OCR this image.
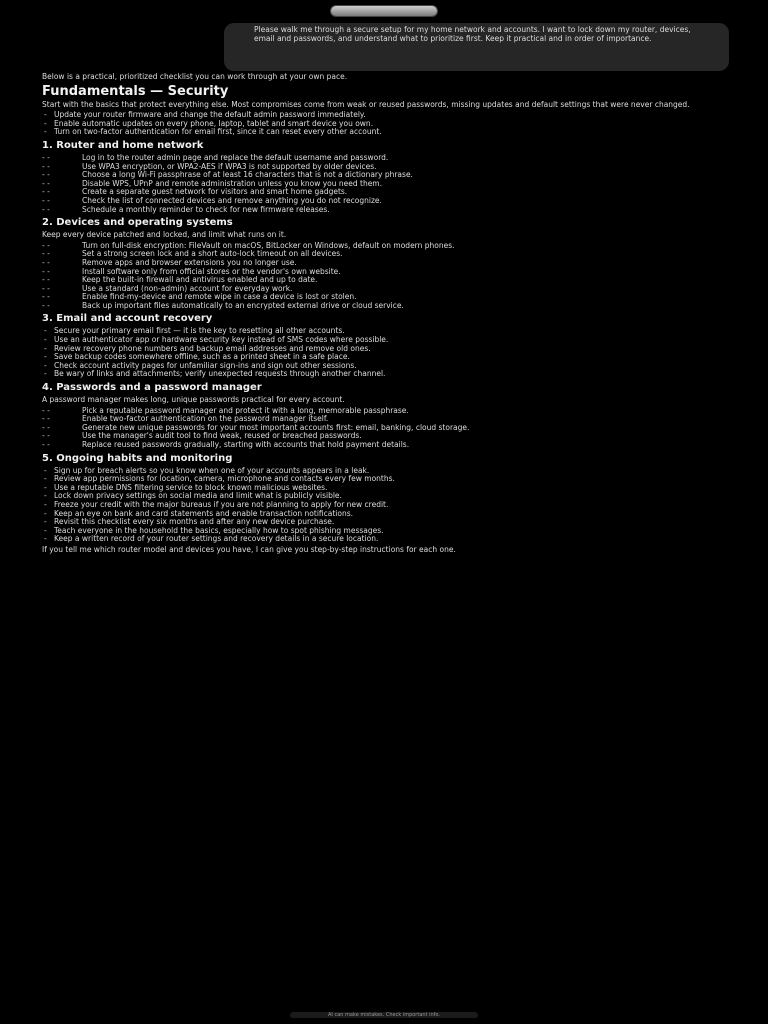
Please walk me through a secure setup for my home network and accounts. I want to lock down my router, devices, email and passwords, and understand what to prioritize first. Keep it practical and in order of importance.

Below is a practical, prioritized checklist you can work through at your own pace.

Fundamentals — Security

Start with the basics that protect everything else. Most compromises come from weak or reused passwords, missing updates and default settings that were never changed.

- Update your router firmware and change the default admin password immediately.
- Enable automatic updates on every phone, laptop, tablet and smart device you own.
- Turn on two-factor authentication for email first, since it can reset every other account.
1. Router and home network
- - Log in to the router admin page and replace the default username and password.
- - Use WPA3 encryption, or WPA2-AES if WPA3 is not supported by older devices.
- - Choose a long Wi-Fi passphrase of at least 16 characters that is not a dictionary phrase.
- - Disable WPS, UPnP and remote administration unless you know you need them.
- - Create a separate guest network for visitors and smart home gadgets.
- - Check the list of connected devices and remove anything you do not recognize.
- - Schedule a monthly reminder to check for new firmware releases.
2. Devices and operating systems

Keep every device patched and locked, and limit what runs on it.

- - Turn on full-disk encryption: FileVault on macOS, BitLocker on Windows, default on modern phones.
- - Set a strong screen lock and a short auto-lock timeout on all devices.
- - Remove apps and browser extensions you no longer use.
- - Install software only from official stores or the vendor's own website.
- - Keep the built-in firewall and antivirus enabled and up to date.
- - Use a standard (non-admin) account for everyday work.
- - Enable find-my-device and remote wipe in case a device is lost or stolen.
- - Back up important files automatically to an encrypted external drive or cloud service.
3. Email and account recovery
- Secure your primary email first — it is the key to resetting all other accounts.
- Use an authenticator app or hardware security key instead of SMS codes where possible.
- Review recovery phone numbers and backup email addresses and remove old ones.
- Save backup codes somewhere offline, such as a printed sheet in a safe place.
- Check account activity pages for unfamiliar sign-ins and sign out other sessions.
- Be wary of links and attachments; verify unexpected requests through another channel.
4. Passwords and a password manager

A password manager makes long, unique passwords practical for every account.

- - Pick a reputable password manager and protect it with a long, memorable passphrase.
- - Enable two-factor authentication on the password manager itself.
- - Generate new unique passwords for your most important accounts first: email, banking, cloud storage.
- - Use the manager's audit tool to find weak, reused or breached passwords.
- - Replace reused passwords gradually, starting with accounts that hold payment details.
5. Ongoing habits and monitoring
- Sign up for breach alerts so you know when one of your accounts appears in a leak.
- Review app permissions for location, camera, microphone and contacts every few months.
- Use a reputable DNS filtering service to block known malicious websites.
- Lock down privacy settings on social media and limit what is publicly visible.
- Freeze your credit with the major bureaus if you are not planning to apply for new credit.
- Keep an eye on bank and card statements and enable transaction notifications.
- Revisit this checklist every six months and after any new device purchase.
- Teach everyone in the household the basics, especially how to spot phishing messages.
- Keep a written record of your router settings and recovery details in a secure location.

If you tell me which router model and devices you have, I can give you step-by-step instructions for each one.

AI can make mistakes. Check important info.
